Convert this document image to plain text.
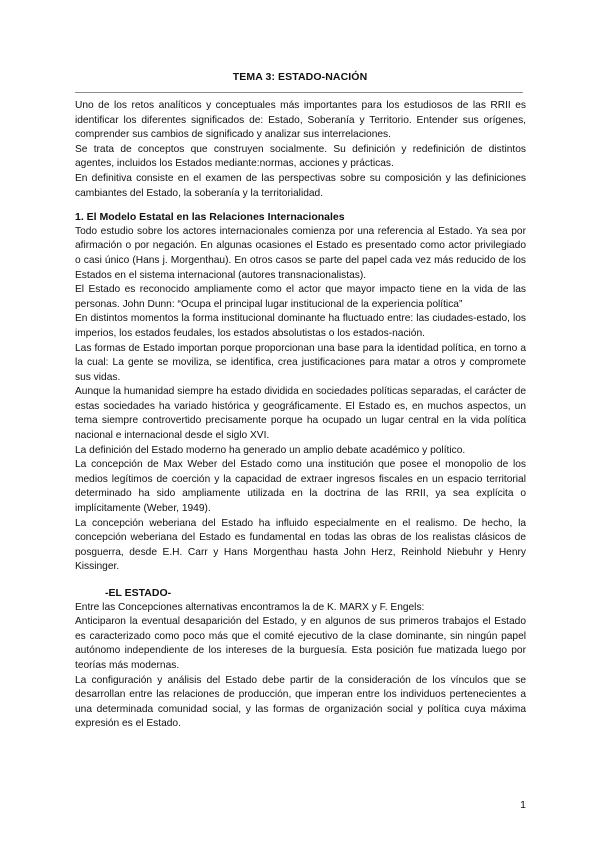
TEMA 3: ESTADO-NACIÓN

Uno de los retos analíticos y conceptuales más importantes para los estudiosos de las RRII es identificar los diferentes significados de: Estado, Soberanía y Territorio. Entender sus orígenes, comprender sus cambios de significado y analizar sus interrelaciones.

Se trata de conceptos que construyen socialmente. Su definición y redefinición de distintos agentes, incluidos los Estados mediante:normas, acciones y prácticas.

En definitiva consiste en el examen de las perspectivas sobre su composición y las definiciones cambiantes del Estado, la soberanía y la territorialidad.

1. El Modelo Estatal en las Relaciones Internacionales

Todo estudio sobre los actores internacionales comienza por una referencia al Estado. Ya sea por afirmación o por negación. En algunas ocasiones el Estado es presentado como actor privilegiado o casi único (Hans j. Morgenthau). En otros casos se parte del papel cada vez más reducido de los Estados en el sistema internacional (autores transnacionalistas).

El Estado es reconocido ampliamente como el actor que mayor impacto tiene en la vida de las personas. John Dunn: “Ocupa el principal lugar institucional de la experiencia política”

En distintos momentos la forma institucional dominante ha fluctuado entre: las ciudades-estado, los imperios, los estados feudales, los estados absolutistas o los estados-nación.

Las formas de Estado importan porque proporcionan una base para la identidad política, en torno a la cual: La gente se moviliza, se identifica, crea justificaciones para matar a otros y compromete sus vidas.

Aunque la humanidad siempre ha estado dividida en sociedades políticas separadas, el carácter de estas sociedades ha variado histórica y geográficamente. El Estado es, en muchos aspectos, un tema siempre controvertido precisamente porque ha ocupado un lugar central en la vida política nacional e internacional desde el siglo XVI.

La definición del Estado moderno ha generado un amplio debate académico y político.

La concepción de Max Weber del Estado como una institución que posee el monopolio de los medios legítimos de coerción y la capacidad de extraer ingresos fiscales en un espacio territorial determinado ha sido ampliamente utilizada en la doctrina de las RRII, ya sea explícita o implícitamente (Weber, 1949).

La concepción weberiana del Estado ha influido especialmente en el realismo. De hecho, la concepción weberiana del Estado es fundamental en todas las obras de los realistas clásicos de posguerra, desde E.H. Carr y Hans Morgenthau hasta John Herz, Reinhold Niebuhr y Henry Kissinger.

-EL ESTADO-

Entre las Concepciones alternativas encontramos la de K. MARX y F. Engels:

Anticiparon la eventual desaparición del Estado, y en algunos de sus primeros trabajos el Estado es caracterizado como poco más que el comité ejecutivo de la clase dominante, sin ningún papel autónomo independiente de los intereses de la burguesía. Esta posición fue matizada luego por teorías más modernas.

La configuración y análisis del Estado debe partir de la consideración de los vínculos que se desarrollan entre las relaciones de producción, que imperan entre los individuos pertenecientes a una determinada comunidad social, y las formas de organización social y política cuya máxima expresión es el Estado.

1
